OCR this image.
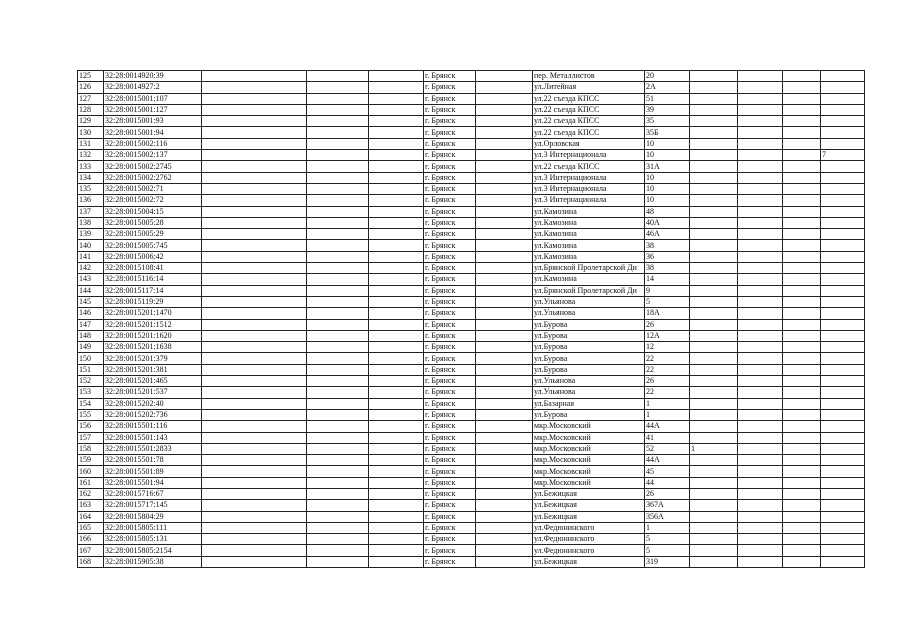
125	32:28:0014920:39				г. Брянск		пер. Металлистов	20				
126	32:28:0014927:2				г. Брянск		ул.Литейная	2А				
127	32:28:0015001:107				г. Брянск		ул.22 съезда КПСС	51				
128	32:28:0015001:127				г. Брянск		ул.22 съезда КПСС	39				
129	32:28:0015001:93				г. Брянск		ул.22 съезда КПСС	35				
130	32:28:0015001:94				г. Брянск		ул.22 съезда КПСС	35Б				
131	32:28:0015002:116				г. Брянск		ул.Орловская	10				
132	32:28:0015002:137				г. Брянск		ул.3 Интернационала	10				7
133	32:28:0015002:2745				г. Брянск		ул.22 съезда КПСС	31А				
134	32:28:0015002:2762				г. Брянск		ул.3 Интернационала	10				
135	32:28:0015002:71				г. Брянск		ул.3 Интернационала	10				
136	32:28:0015002:72				г. Брянск		ул.3 Интернационала	10				
137	32:28:0015004:15				г. Брянск		ул.Камозина	48				
138	32:28:0015005:28				г. Брянск		ул.Камозина	40А				
139	32:28:0015005:29				г. Брянск		ул.Камозина	46А				
140	32:28:0015005:745				г. Брянск		ул.Камозина	38				
141	32:28:0015006:42				г. Брянск		ул.Камозина	36				
142	32:28:0015108:41				г. Брянск		ул.Брянской Пролетарской Ди	38				
143	32:28:0015116:14				г. Брянск		ул.Камозина	14				
144	32:28:0015117:14				г. Брянск		ул.Брянской Пролетарской Ди	9				
145	32:28:0015119:29				г. Брянск		ул.Ульянова	5				
146	32:28:0015201:1470				г. Брянск		ул.Ульянова	18А				
147	32:28:0015201:1512				г. Брянск		ул.Бурова	26				
148	32:28:0015201:1620				г. Брянск		ул.Бурова	12А				
149	32:28:0015201:1638				г. Брянск		ул.Бурова	12				
150	32:28:0015201:379				г. Брянск		ул.Бурова	22				
151	32:28:0015201:381				г. Брянск		ул.Бурова	22				
152	32:28:0015201:465				г. Брянск		ул.Ульянова	26				
153	32:28:0015201:537				г. Брянск		ул.Ульянова	22				
154	32:28:0015202:40				г. Брянск		ул.Базарная	1				
155	32:28:0015202:736				г. Брянск		ул.Бурова	1				
156	32:28:0015501:116				г. Брянск		мкр.Московский	44А				
157	32:28:0015501:143				г. Брянск		мкр.Московский	41				
158	32:28:0015501:2833				г. Брянск		мкр.Московский	52	1			
159	32:28:0015501:78				г. Брянск		мкр.Московский	44А				
160	32:28:0015501:89				г. Брянск		мкр.Московский	45				
161	32:28:0015501:94				г. Брянск		мкр.Московский	44				
162	32:28:0015716:67				г. Брянск		ул.Бежицкая	26				
163	32:28:0015717:145				г. Брянск		ул.Бежицкая	367А				
164	32:28:0015804:29				г. Брянск		ул.Бежицкая	356А				
165	32:28:0015805:111				г. Брянск		ул.Федюнинского	1				
166	32:28:0015805:131				г. Брянск		ул.Федюнинского	5				
167	32:28:0015805:2154				г. Брянск		ул.Федюнинского	5				
168	32:28:0015905:38				г. Брянск		ул.Бежицкая	319				
